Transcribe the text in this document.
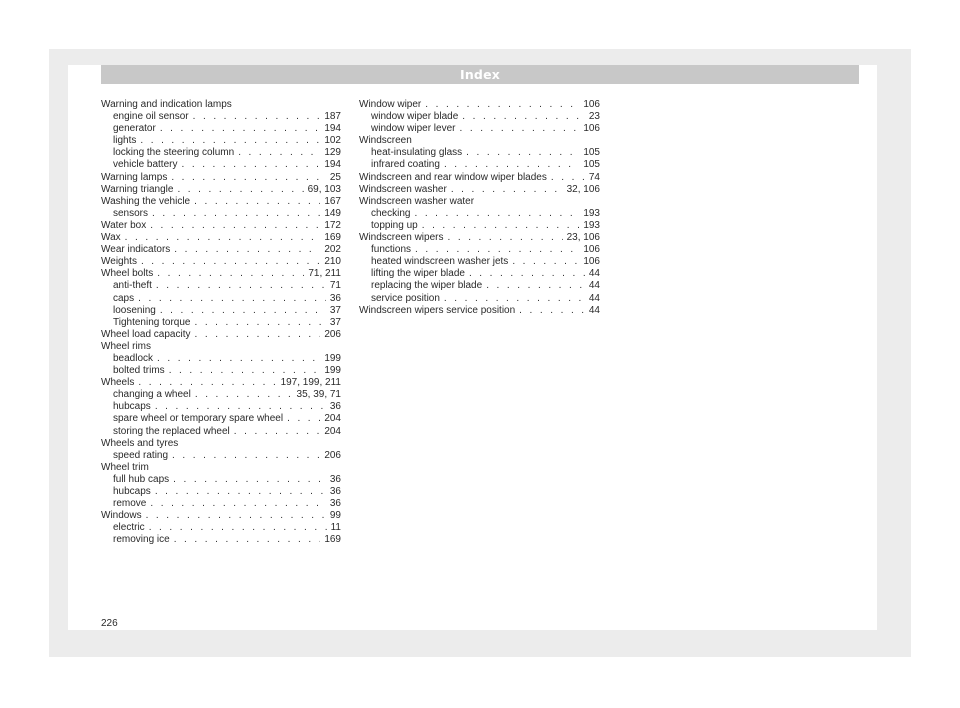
Index
Warning and indication lamps
engine oil sensor . . .	187
generator . . .	194
lights . . .	102
locking the steering column . . .	129
vehicle battery . . .	194
Warning lamps . . .	25
Warning triangle . . .	69, 103
Washing the vehicle . . .	167
sensors . . .	149
Water box . . .	172
Wax . . .	169
Wear indicators . . .	202
Weights . . .	210
Wheel bolts . . .	71, 211
anti-theft . . .	71
caps . . .	36
loosening . . .	37
Tightening torque . . .	37
Wheel load capacity . . .	206
Wheel rims
beadlock . . .	199
bolted trims . . .	199
Wheels . . .	197, 199, 211
changing a wheel . . .	35, 39, 71
hubcaps . . .	36
spare wheel or temporary spare wheel . . .	204
storing the replaced wheel . . .	204
Wheels and tyres
speed rating . . .	206
Wheel trim
full hub caps . . .	36
hubcaps . . .	36
remove . . .	36
Windows . . .	99
electric . . .	11
removing ice . . .	169
Window wiper . . .	106
window wiper blade . . .	23
window wiper lever . . .	106
Windscreen
heat-insulating glass . . .	105
infrared coating . . .	105
Windscreen and rear window wiper blades . . .	74
Windscreen washer . . .	32, 106
Windscreen washer water
checking . . .	193
topping up . . .	193
Windscreen wipers . . .	23, 106
functions . . .	106
heated windscreen washer jets . . .	106
lifting the wiper blade . . .	44
replacing the wiper blade . . .	44
service position . . .	44
Windscreen wipers service position . . .	44
226
